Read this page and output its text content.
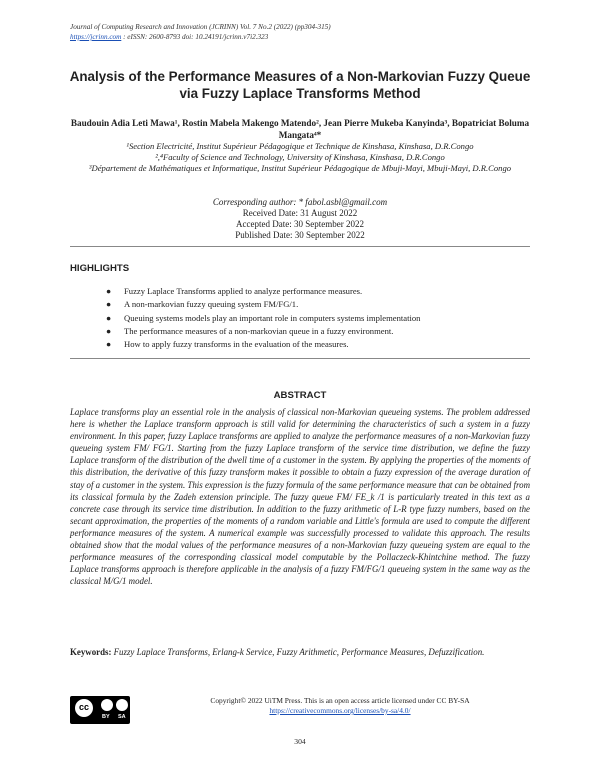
Journal of Computing Research and Innovation (JCRINN) Vol. 7 No.2 (2022) (pp304-315)
https://jcrinn.com : eISSN: 2600-8793 doi: 10.24191/jcrinn.v7i2.323
Analysis of the Performance Measures of a Non-Markovian Fuzzy Queue via Fuzzy Laplace Transforms Method
Baudouin Adia Leti Mawa¹, Rostin Mabela Makengo Matendo², Jean Pierre Mukeba Kanyinda³, Bopatriciat Boluma Mangata⁴*
¹Section Electricité, Institut Supérieur Pédagogique et Technique de Kinshasa, Kinshasa, D.R.Congo
²,⁴Faculty of Science and Technology, University of Kinshasa, Kinshasa, D.R.Congo
³Département de Mathématiques et Informatique, Institut Supérieur Pédagogique de Mbuji-Mayi, Mbuji-Mayi, D.R.Congo
Corresponding author: * fabol.asbl@gmail.com
Received Date: 31 August 2022
Accepted Date: 30 September 2022
Published Date: 30 September 2022
HIGHLIGHTS
● Fuzzy Laplace Transforms applied to analyze performance measures.
● A non-markovian fuzzy queuing system FM/FG/1.
● Queuing systems models play an important role in computers systems implementation
● The performance measures of a non-markovian queue in a fuzzy environment.
● How to apply fuzzy transforms in the evaluation of the measures.
ABSTRACT
Laplace transforms play an essential role in the analysis of classical non-Markovian queueing systems. The problem addressed here is whether the Laplace transform approach is still valid for determining the characteristics of such a system in a fuzzy environment. In this paper, fuzzy Laplace transforms are applied to analyze the performance measures of a non-Markovian fuzzy queueing system FM/ FG/1. Starting from the fuzzy Laplace transform of the service time distribution, we define the fuzzy Laplace transform of the distribution of the dwell time of a customer in the system. By applying the properties of the moments of this distribution, the derivative of this fuzzy transform makes it possible to obtain a fuzzy expression of the average duration of stay of a customer in the system. This expression is the fuzzy formula of the same performance measure that can be obtained from its classical formula by the Zadeh extension principle. The fuzzy queue FM/ FE_k /1 is particularly treated in this text as a concrete case through its service time distribution. In addition to the fuzzy arithmetic of L-R type fuzzy numbers, based on the secant approximation, the properties of the moments of a random variable and Little's formula are used to compute the different performance measures of the system. A numerical example was successfully processed to validate this approach. The results obtained show that the modal values of the performance measures of a non-Markovian fuzzy queueing system are equal to the performance measures of the corresponding classical model computable by the Pollaczeck-Khintchine method. The fuzzy Laplace transforms approach is therefore applicable in the analysis of a fuzzy FM/FG/1 queueing system in the same way as the classical M/G/1 model.
Keywords: Fuzzy Laplace Transforms, Erlang-k Service, Fuzzy Arithmetic, Performance Measures, Defuzzification.
cc
BY SA
Copyright© 2022 UiTM Press. This is an open access article licensed under CC BY-SA
https://creativecommons.org/licenses/by-sa/4.0/
304
